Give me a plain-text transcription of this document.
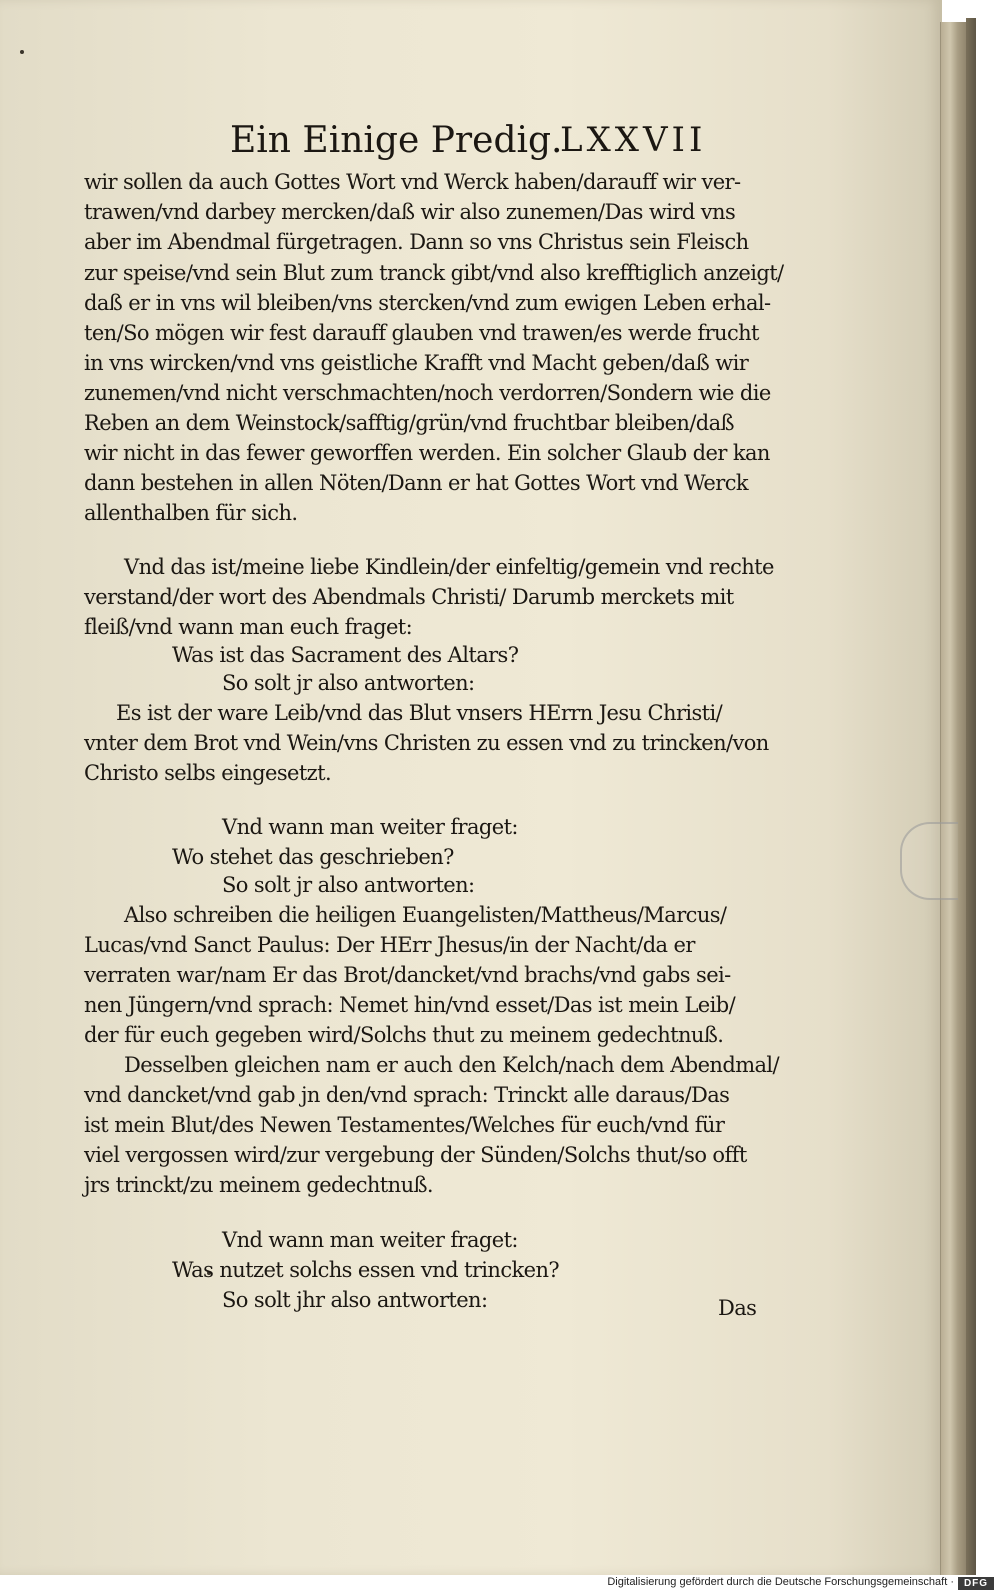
Ein Einige Predig.
LXXVII
wir sollen da auch Gottes Wort vnd Werck haben/darauff wir ver-
trawen/vnd darbey mercken/daß wir also zunemen/Das wird vns
aber im Abendmal fürgetragen. Dann so vns Christus sein Fleisch
zur speise/vnd sein Blut zum tranck gibt/vnd also krefftiglich anzeigt/
daß er in vns wil bleiben/vns stercken/vnd zum ewigen Leben erhal-
ten/So mögen wir fest darauff glauben vnd trawen/es werde frucht
in vns wircken/vnd vns geistliche Krafft vnd Macht geben/daß wir
zunemen/vnd nicht verschmachten/noch verdorren/Sondern wie die
Reben an dem Weinstock/safftig/grün/vnd fruchtbar bleiben/daß
wir nicht in das fewer geworffen werden. Ein solcher Glaub der kan
dann bestehen in allen Nöten/Dann er hat Gottes Wort vnd Werck
allenthalben für sich.
Vnd das ist/meine liebe Kindlein/der einfeltig/gemein vnd rechte
verstand/der wort des Abendmals Christi/ Darumb merckets mit
fleiß/vnd wann man euch fraget:
Was ist das Sacrament des Altars?
So solt jr also antworten:
Es ist der ware Leib/vnd das Blut vnsers HErrn Jesu Christi/
vnter dem Brot vnd Wein/vns Christen zu essen vnd zu trincken/von
Christo selbs eingesetzt.
Vnd wann man weiter fraget:
Wo stehet das geschrieben?
So solt jr also antworten:
Also schreiben die heiligen Euangelisten/Mattheus/Marcus/
Lucas/vnd Sanct Paulus: Der HErr Jhesus/in der Nacht/da er
verraten war/nam Er das Brot/dancket/vnd brachs/vnd gabs sei-
nen Jüngern/vnd sprach: Nemet hin/vnd esset/Das ist mein Leib/
der für euch gegeben wird/Solchs thut zu meinem gedechtnuß.
Desselben gleichen nam er auch den Kelch/nach dem Abendmal/
vnd dancket/vnd gab jn den/vnd sprach: Trinckt alle daraus/Das
ist mein Blut/des Newen Testamentes/Welches für euch/vnd für
viel vergossen wird/zur vergebung der Sünden/Solchs thut/so offt
jrs trinckt/zu meinem gedechtnuß.
Vnd wann man weiter fraget:
Was nutzet solchs essen vnd trincken?
So solt jhr also antworten:	Das
Digitalisierung gefördert durch die Deutsche Forschungsgemeinschaft · DFG
